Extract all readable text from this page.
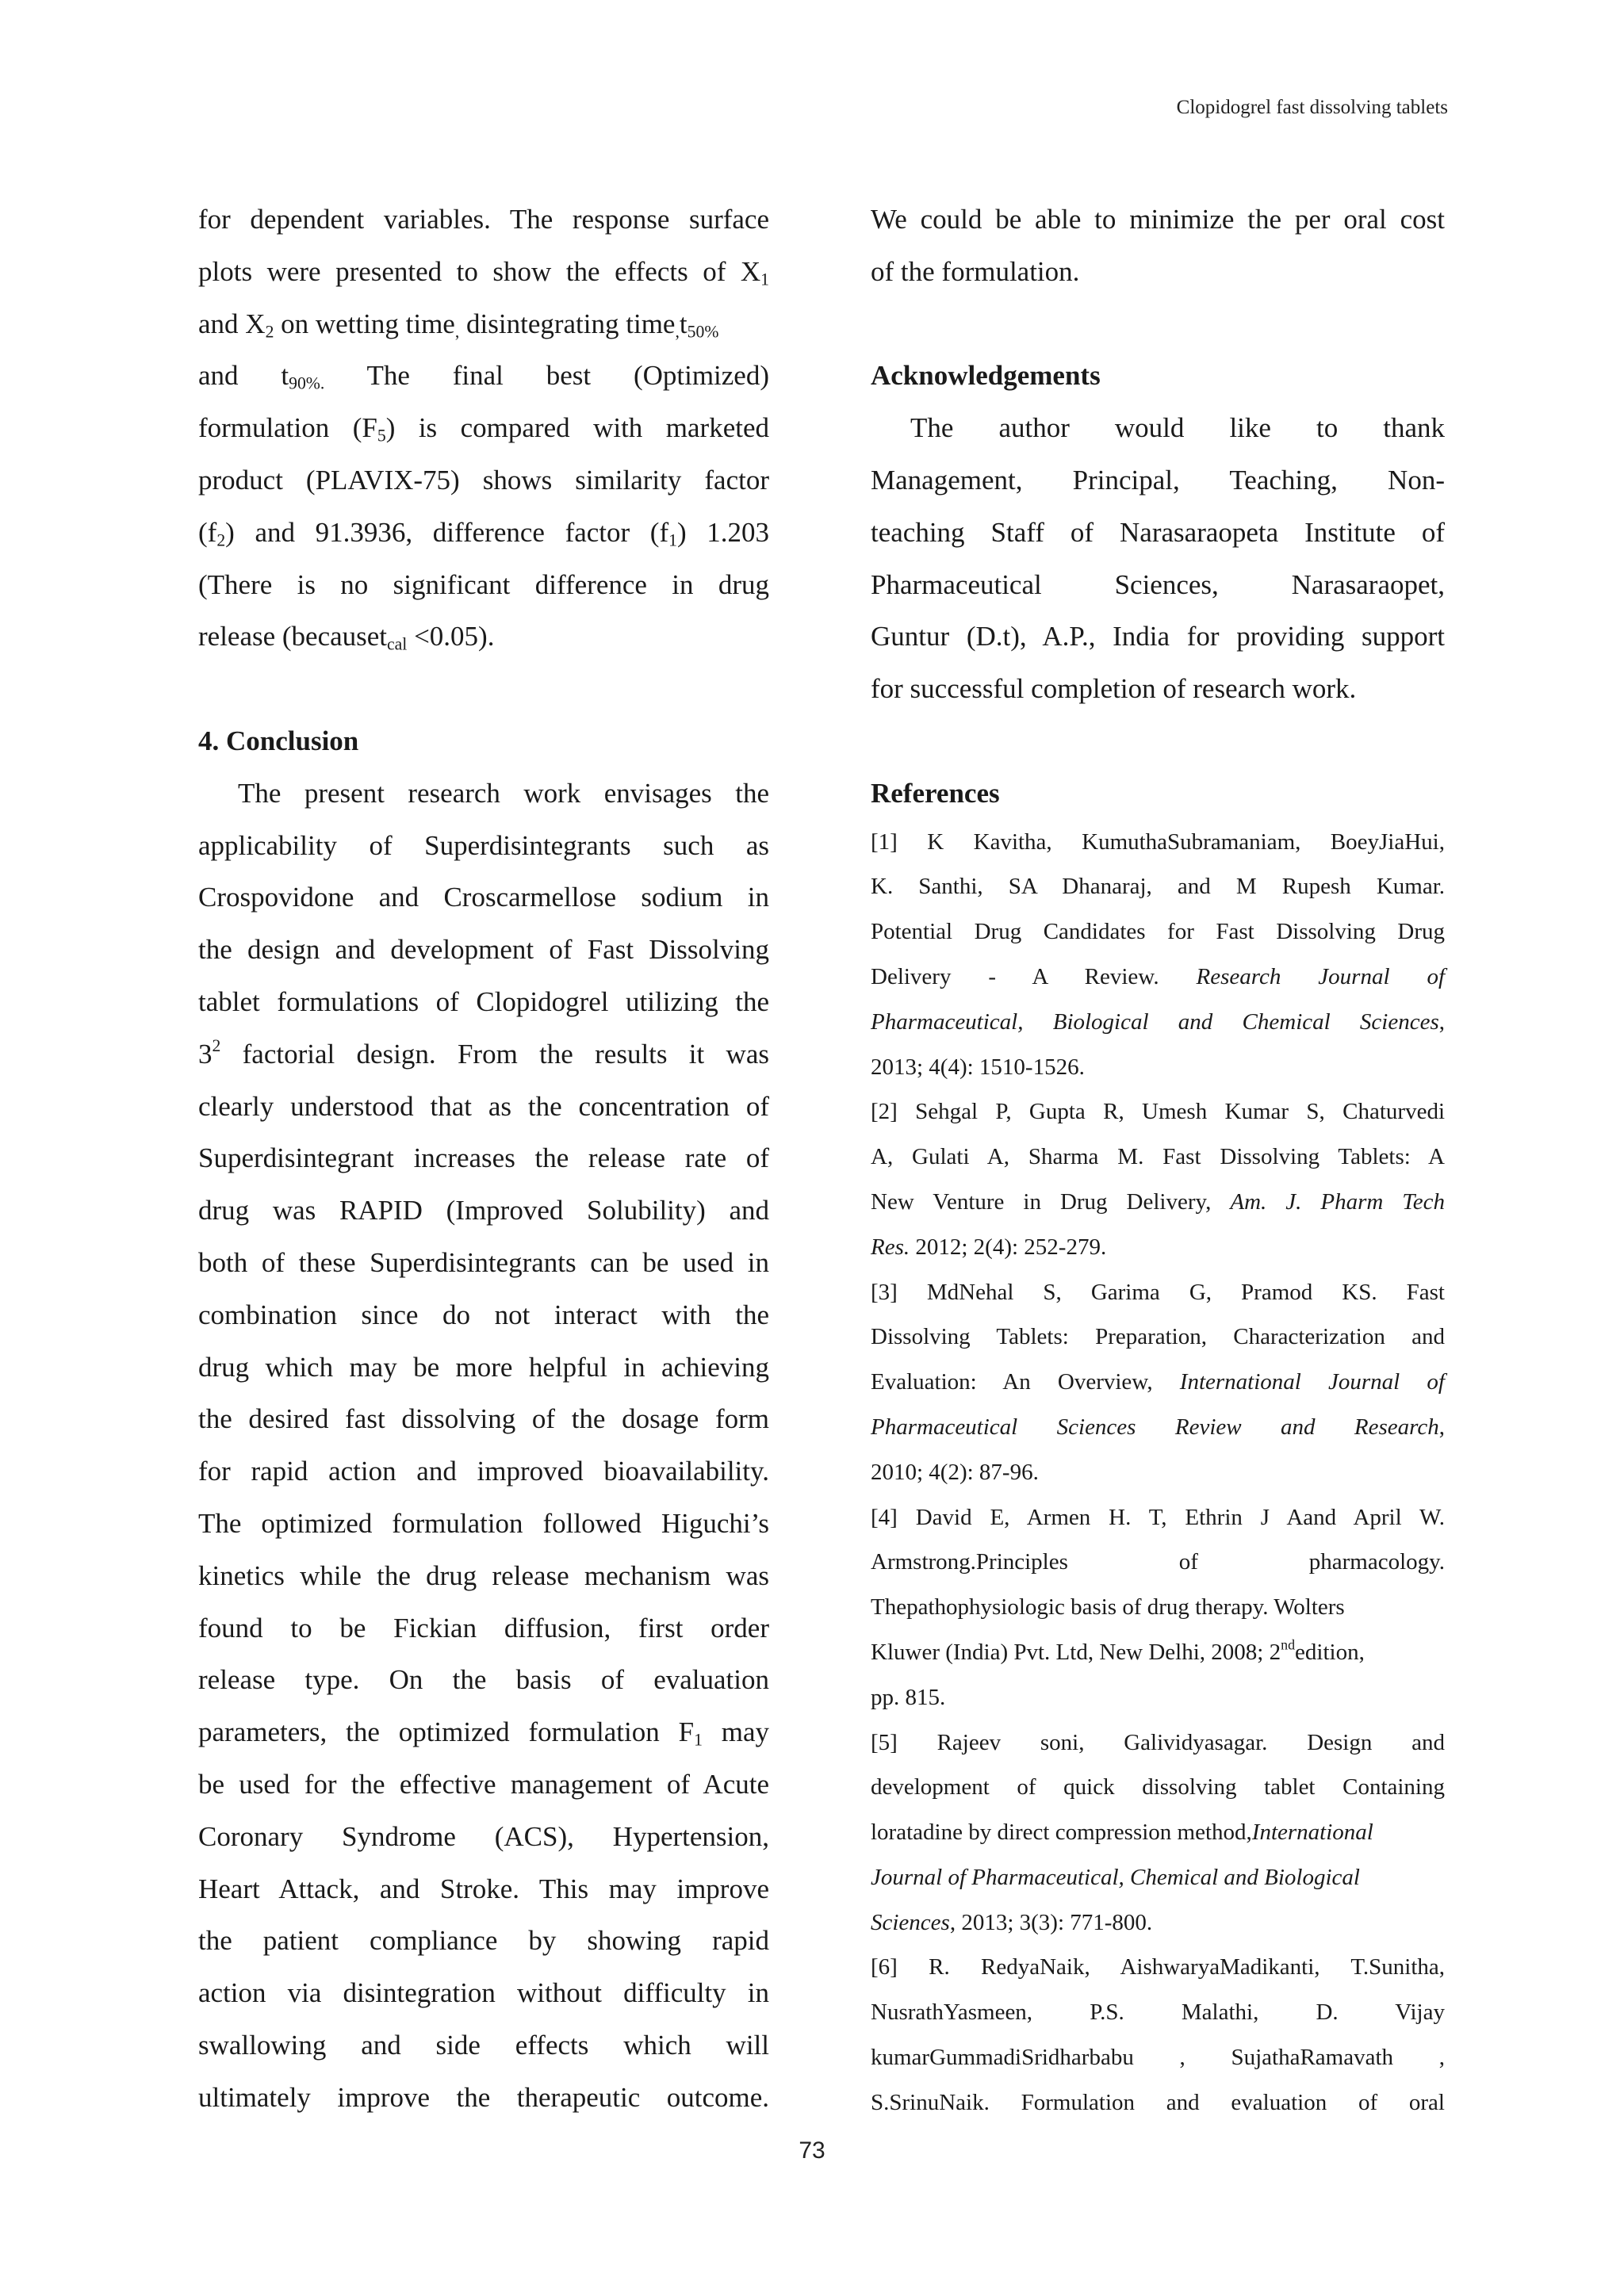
Clopidogrel fast dissolving tablets
for dependent variables. The response surface
plots were presented to show the effects of $X_1$
and $X_2$ on wetting time$_,$ disintegrating $time_,t_{50\%}$
and $t_{90\%.}$ The final best (Optimized)
formulation $(F_5)$ is compared with marketed
product (PLAVIX-75) shows similarity factor
$(f_2)$ and 91.3936, difference factor $(f_1)$ 1.203
(There is no significant difference in drug
release (becauset$_{cal}$ <0.05).
4. Conclusion
The present research work envisages the
applicability of Superdisintegrants such as
Crospovidone and Croscarmellose sodium in
the design and development of Fast Dissolving
tablet formulations of Clopidogrel utilizing the
$3^2$ factorial design. From the results it was
clearly understood that as the concentration of
Superdisintegrant increases the release rate of
drug was RAPID (Improved Solubility) and
both of these Superdisintegrants can be used in
combination since do not interact with the
drug which may be more helpful in achieving
the desired fast dissolving of the dosage form
for rapid action and improved bioavailability.
The optimized formulation followed Higuchi’s
kinetics while the drug release mechanism was
found to be Fickian diffusion, first order
release type. On the basis of evaluation
parameters, the optimized formulation $F_1$ may
be used for the effective management of Acute
Coronary Syndrome (ACS), Hypertension,
Heart Attack, and Stroke. This may improve
the patient compliance by showing rapid
action via disintegration without difficulty in
swallowing and side effects which will
ultimately improve the therapeutic outcome.
We could be able to minimize the per oral cost
of the formulation.
Acknowledgements
The author would like to thank
Management, Principal, Teaching, Non-
teaching Staff of Narasaraopeta Institute of
Pharmaceutical Sciences, Narasaraopet,
Guntur (D.t), A.P., India for providing support
for successful completion of research work.
References
[1] K Kavitha, KumuthaSubramaniam, BoeyJiaHui,
K. Santhi, SA Dhanaraj, and M Rupesh Kumar.
Potential Drug Candidates for Fast Dissolving Drug
Delivery - A Review. Research Journal of
Pharmaceutical, Biological and Chemical Sciences,
2013; 4(4): 1510-1526.
[2] Sehgal P, Gupta R, Umesh Kumar S, Chaturvedi
A, Gulati A, Sharma M. Fast Dissolving Tablets: A
New Venture in Drug Delivery, Am. J. Pharm Tech
Res. 2012; 2(4): 252-279.
[3] MdNehal S, Garima G, Pramod KS. Fast
Dissolving Tablets: Preparation, Characterization and
Evaluation: An Overview, International Journal of
Pharmaceutical Sciences Review and Research,
2010; 4(2): 87-96.
[4] David E, Armen H. T, Ethrin J Aand April W.
Armstrong.Principles of pharmacology.
Thepathophysiologic basis of drug therapy. Wolters
Kluwer (India) Pvt. Ltd, New Delhi, 2008; 2ndedition,
pp. 815.
[5] Rajeev soni, Galividyasagar. Design and
development of quick dissolving tablet Containing
loratadine by direct compression method,International
Journal of Pharmaceutical, Chemical and Biological
Sciences, 2013; 3(3): 771-800.
[6] R. RedyaNaik, AishwaryaMadikanti, T.Sunitha,
NusrathYasmeen, P.S. Malathi, D. Vijay
kumarGummadiSridharbabu , SujathaRamavath ,
S.SrinuNaik. Formulation and evaluation of oral
73
